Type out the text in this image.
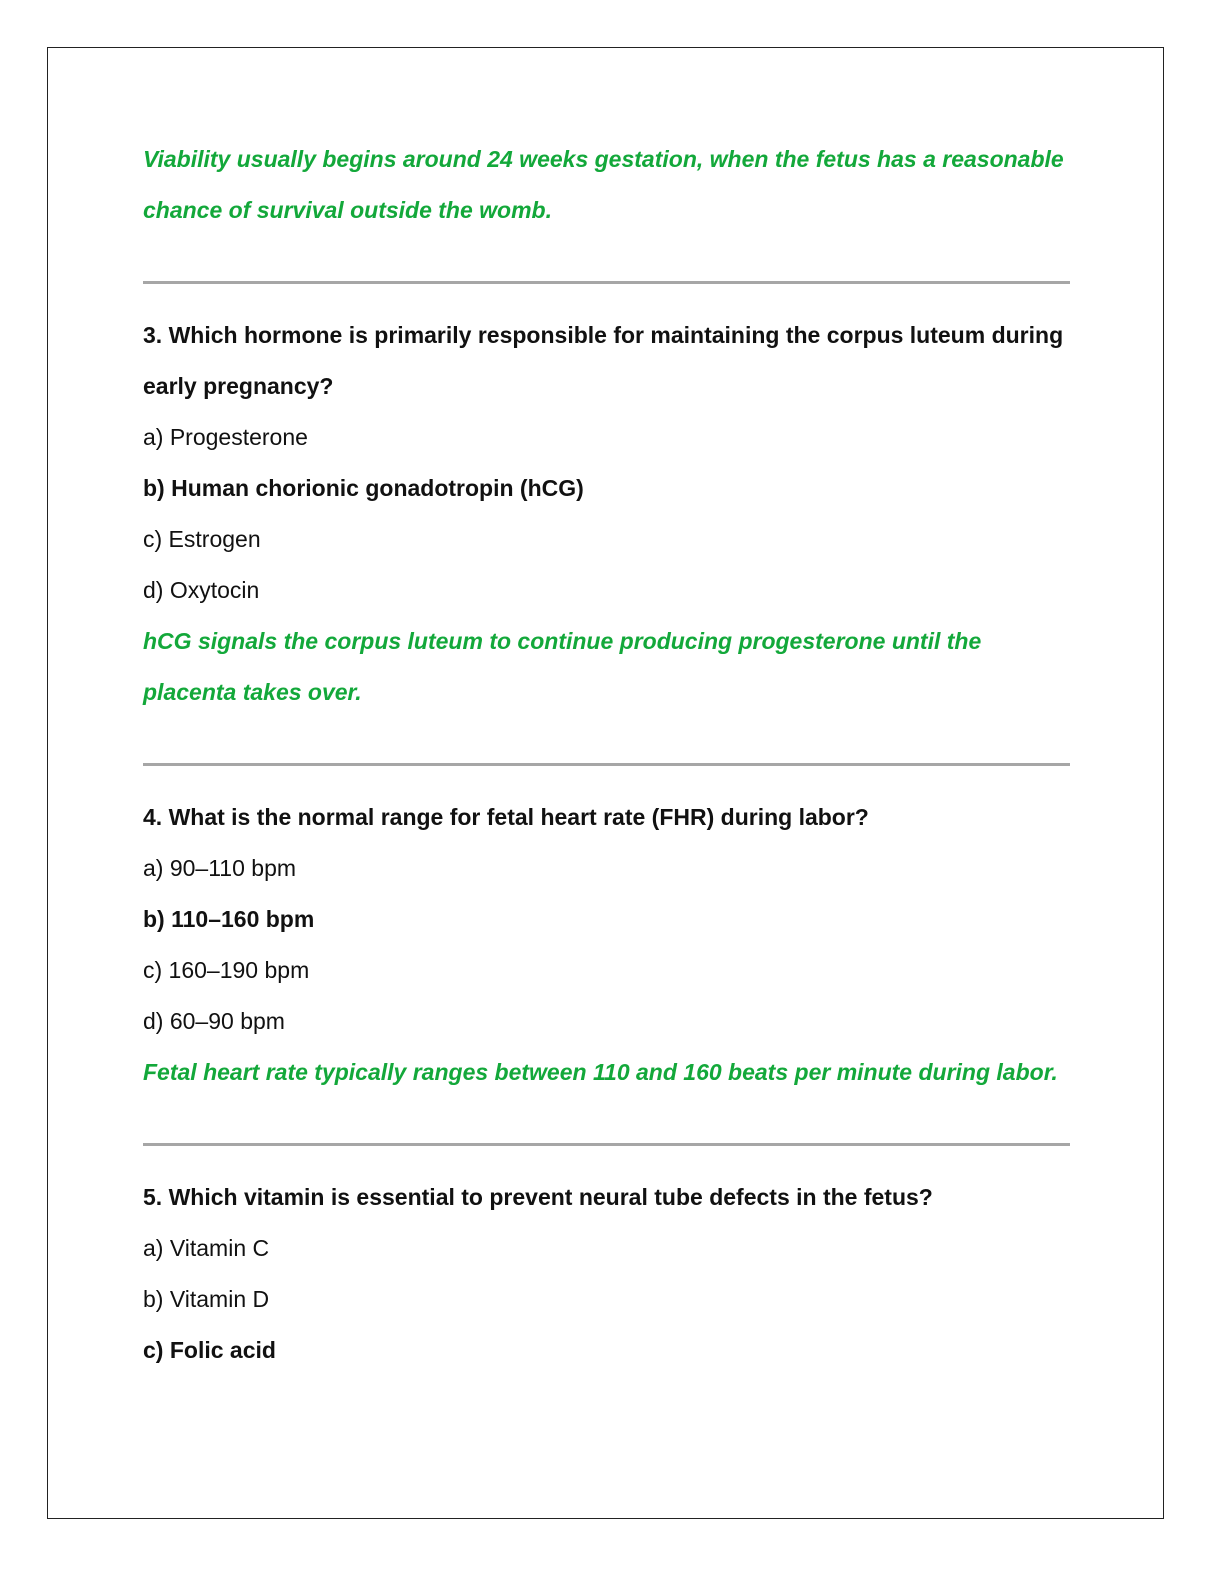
Viability usually begins around 24 weeks gestation, when the fetus has a reasonable chance of survival outside the womb.

3. Which hormone is primarily responsible for maintaining the corpus luteum during early pregnancy?

a) Progesterone

b) Human chorionic gonadotropin (hCG)

c) Estrogen

d) Oxytocin

hCG signals the corpus luteum to continue producing progesterone until the placenta takes over.

4. What is the normal range for fetal heart rate (FHR) during labor?

a) 90–110 bpm

b) 110–160 bpm

c) 160–190 bpm

d) 60–90 bpm

Fetal heart rate typically ranges between 110 and 160 beats per minute during labor.

5. Which vitamin is essential to prevent neural tube defects in the fetus?

a) Vitamin C

b) Vitamin D

c) Folic acid
